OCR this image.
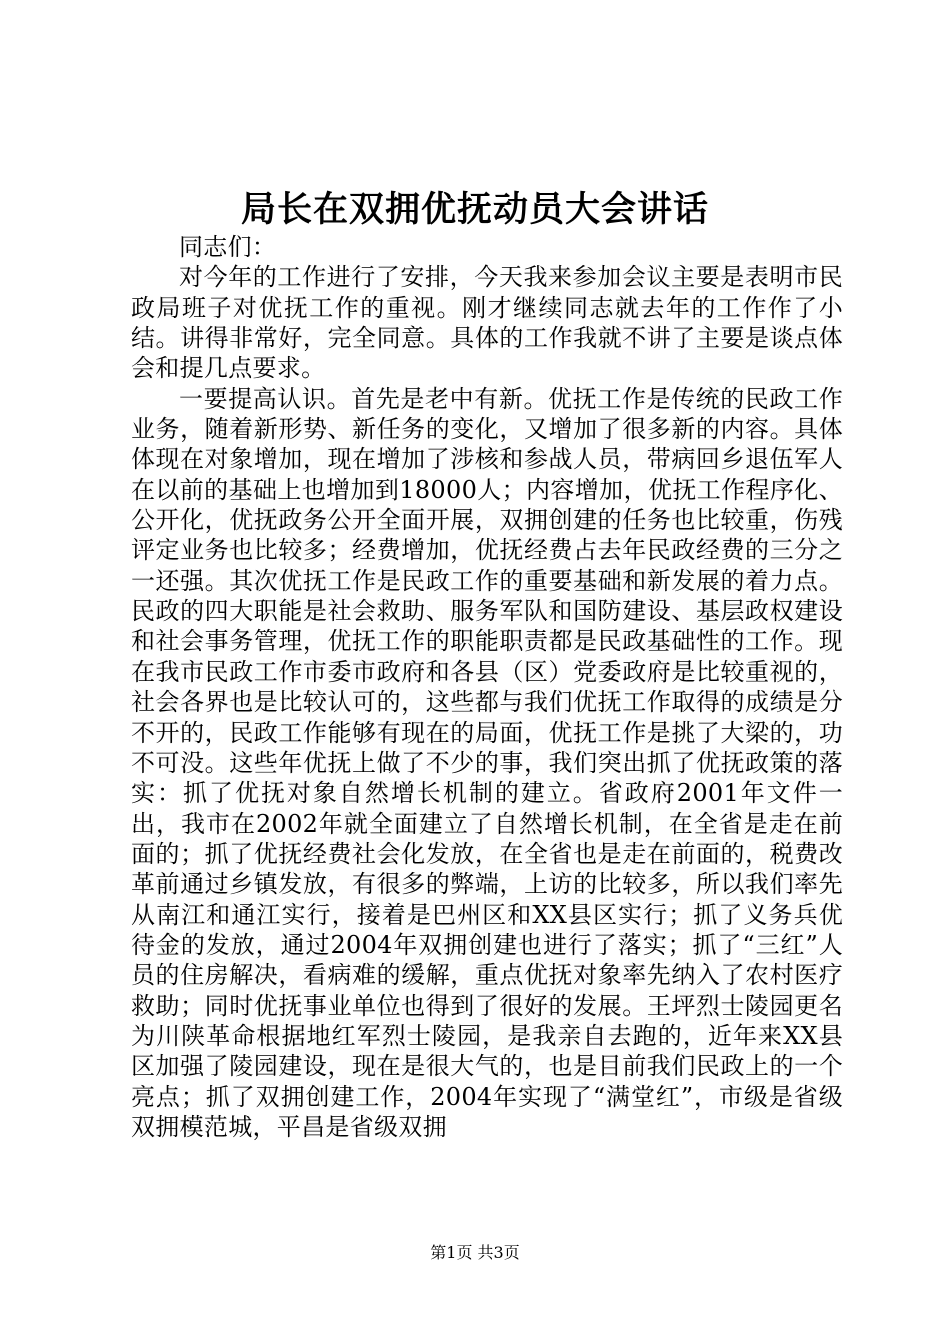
局长在双拥优抚动员大会讲话

同志们：

对今年的工作进行了安排，今天我来参加会议主要是表明市民政局班子对优抚工作的重视。刚才继续同志就去年的工作作了小结。讲得非常好，完全同意。具体的工作我就不讲了主要是谈点体会和提几点要求。

一要提高认识。首先是老中有新。优抚工作是传统的民政工作业务，随着新形势、新任务的变化，又增加了很多新的内容。具体体现在对象增加，现在增加了涉核和参战人员，带病回乡退伍军人在以前的基础上也增加到18000人；内容增加，优抚工作程序化、公开化，优抚政务公开全面开展，双拥创建的任务也比较重，伤残评定业务也比较多；经费增加，优抚经费占去年民政经费的三分之一还强。其次优抚工作是民政工作的重要基础和新发展的着力点。民政的四大职能是社会救助、服务军队和国防建设、基层政权建设和社会事务管理，优抚工作的职能职责都是民政基础性的工作。现在我市民政工作市委市政府和各县（区）党委政府是比较重视的，社会各界也是比较认可的，这些都与我们优抚工作取得的成绩是分不开的，民政工作能够有现在的局面，优抚工作是挑了大梁的，功不可没。这些年优抚上做了不少的事，我们突出抓了优抚政策的落实：抓了优抚对象自然增长机制的建立。省政府2001年文件一出，我市在2002年就全面建立了自然增长机制，在全省是走在前面的；抓了优抚经费社会化发放，在全省也是走在前面的，税费改革前通过乡镇发放，有很多的弊端，上访的比较多，所以我们率先从南江和通江实行，接着是巴州区和XX县区实行；抓了义务兵优待金的发放，通过2004年双拥创建也进行了落实；抓了“三红”人员的住房解决，看病难的缓解，重点优抚对象率先纳入了农村医疗救助；同时优抚事业单位也得到了很好的发展。王坪烈士陵园更名为川陕革命根据地红军烈士陵园，是我亲自去跑的，近年来XX县区加强了陵园建设，现在是很大气的，也是目前我们民政上的一个亮点；抓了双拥创建工作，2004年实现了“满堂红”，市级是省级双拥模范城，平昌是省级双拥

第1页 共3页
